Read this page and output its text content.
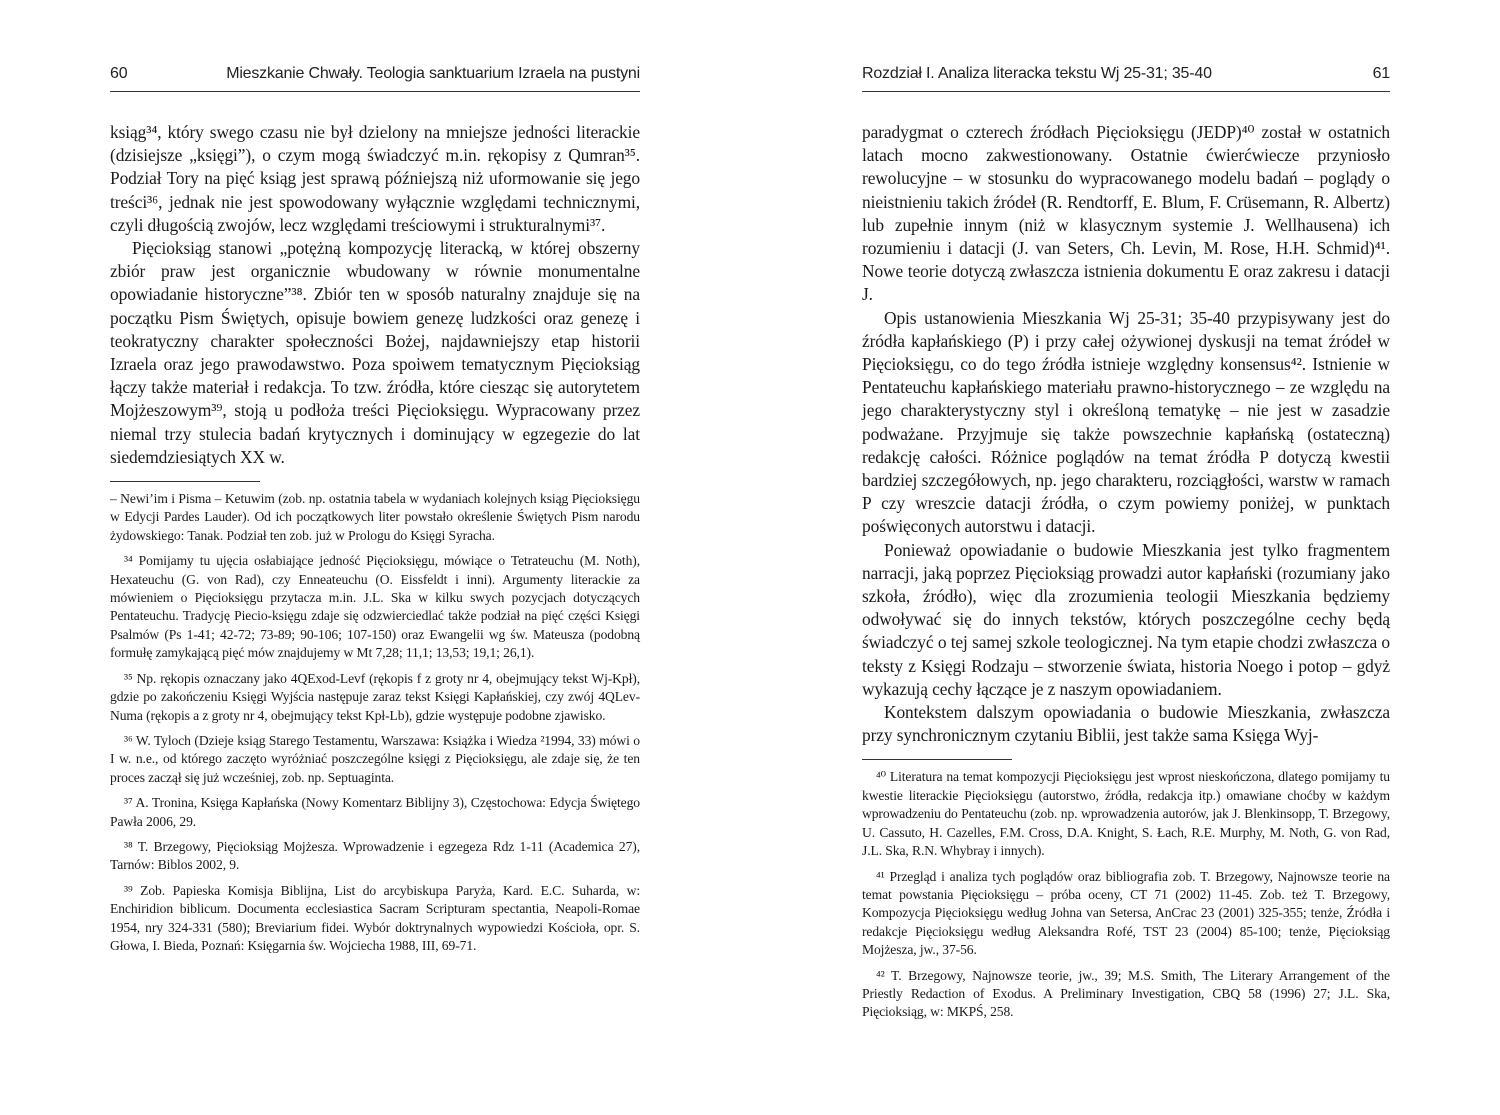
60	Mieszkanie Chwały. Teologia sanktuarium Izraela na pustyni

ksiąg³⁴, który swego czasu nie był dzielony na mniejsze jedności literackie (dzisiejsze „księgi”), o czym mogą świadczyć m.in. rękopisy z Qumran³⁵. Podział Tory na pięć ksiąg jest sprawą późniejszą niż uformowanie się jego treści³⁶, jednak nie jest spowodowany wyłącznie względami technicznymi, czyli długością zwojów, lecz względami treściowymi i strukturalnymi³⁷.

Pięcioksiąg stanowi „potężną kompozycję literacką, w której obszerny zbiór praw jest organicznie wbudowany w równie monumentalne opowiadanie historyczne”³⁸. Zbiór ten w sposób naturalny znajduje się na początku Pism Świętych, opisuje bowiem genezę ludzkości oraz genezę i teokratyczny charakter społeczności Bożej, najdawniejszy etap historii Izraela oraz jego prawodawstwo. Poza spoiwem tematycznym Pięcioksiąg łączy także materiał i redakcja. To tzw. źródła, które ciesząc się autorytetem Mojżeszowym³⁹, stoją u podłoża treści Pięcioksięgu. Wypracowany przez niemal trzy stulecia badań krytycznych i dominujący w egzegezie do lat siedemdziesiątych XX w.

– Newi’im i Pisma – Ketuwim (zob. np. ostatnia tabela w wydaniach kolejnych ksiąg Pięcioksięgu w Edycji Pardes Lauder). Od ich początkowych liter powstało określenie Świętych Pism narodu żydowskiego: Tanak. Podział ten zob. już w Prologu do Księgi Syracha.

³⁴ Pomijamy tu ujęcia osłabiające jedność Pięcioksięgu, mówiące o Tetrateuchu (M. Noth), Hexateuchu (G. von Rad), czy Enneateuchu (O. Eissfeldt i inni). Argumenty literackie za mówieniem o Pięcioksięgu przytacza m.in. J.L. Ska w kilku swych pozycjach dotyczących Pentateuchu. Tradycję Piecio-księgu zdaje się odzwierciedlać także podział na pięć części Księgi Psalmów (Ps 1-41; 42-72; 73-89; 90-106; 107-150) oraz Ewangelii wg św. Mateusza (podobną formułę zamykającą pięć mów znajdujemy w Mt 7,28; 11,1; 13,53; 19,1; 26,1).

³⁵ Np. rękopis oznaczany jako 4QExod-Levf (rękopis f z groty nr 4, obejmujący tekst Wj-Kpł), gdzie po zakończeniu Księgi Wyjścia następuje zaraz tekst Księgi Kapłańskiej, czy zwój 4QLev-Numa (rękopis a z groty nr 4, obejmujący tekst Kpł-Lb), gdzie występuje podobne zjawisko.

³⁶ W. Tyloch (Dzieje ksiąg Starego Testamentu, Warszawa: Książka i Wiedza ²1994, 33) mówi o I w. n.e., od którego zaczęto wyróżniać poszczególne księgi z Pięcioksięgu, ale zdaje się, że ten proces zaczął się już wcześniej, zob. np. Septuaginta.

³⁷ A. Tronina, Księga Kapłańska (Nowy Komentarz Biblijny 3), Częstochowa: Edycja Świętego Pawła 2006, 29.

³⁸ T. Brzegowy, Pięcioksiąg Mojżesza. Wprowadzenie i egzegeza Rdz 1-11 (Academica 27), Tarnów: Biblos 2002, 9.

³⁹ Zob. Papieska Komisja Biblijna, List do arcybiskupa Paryża, Kard. E.C. Suharda, w: Enchiridion biblicum. Documenta ecclesiastica Sacram Scripturam spectantia, Neapoli-Romae 1954, nry 324-331 (580); Breviarium fidei. Wybór doktrynalnych wypowiedzi Kościoła, opr. S. Głowa, I. Bieda, Poznań: Księgarnia św. Wojciecha 1988, III, 69-71.

Rozdział I. Analiza literacka tekstu Wj 25-31; 35-40	61

paradygmat o czterech źródłach Pięcioksięgu (JEDP)⁴⁰ został w ostatnich latach mocno zakwestionowany. Ostatnie ćwierćwiecze przyniosło rewolucyjne – w stosunku do wypracowanego modelu badań – poglądy o nieistnieniu takich źródeł (R. Rendtorff, E. Blum, F. Crüsemann, R. Albertz) lub zupełnie innym (niż w klasycznym systemie J. Wellhausena) ich rozumieniu i datacji (J. van Seters, Ch. Levin, M. Rose, H.H. Schmid)⁴¹. Nowe teorie dotyczą zwłaszcza istnienia dokumentu E oraz zakresu i datacji J.

Opis ustanowienia Mieszkania Wj 25-31; 35-40 przypisywany jest do źródła kapłańskiego (P) i przy całej ożywionej dyskusji na temat źródeł w Pięcioksięgu, co do tego źródła istnieje względny konsensus⁴². Istnienie w Pentateuchu kapłańskiego materiału prawno-historycznego – ze względu na jego charakterystyczny styl i określoną tematykę – nie jest w zasadzie podważane. Przyjmuje się także powszechnie kapłańską (ostateczną) redakcję całości. Różnice poglądów na temat źródła P dotyczą kwestii bardziej szczegółowych, np. jego charakteru, rozciągłości, warstw w ramach P czy wreszcie datacji źródła, o czym powiemy poniżej, w punktach poświęconych autorstwu i datacji.

Ponieważ opowiadanie o budowie Mieszkania jest tylko fragmentem narracji, jaką poprzez Pięcioksiąg prowadzi autor kapłański (rozumiany jako szkoła, źródło), więc dla zrozumienia teologii Mieszkania będziemy odwoływać się do innych tekstów, których poszczególne cechy będą świadczyć o tej samej szkole teologicznej. Na tym etapie chodzi zwłaszcza o teksty z Księgi Rodzaju – stworzenie świata, historia Noego i potop – gdyż wykazują cechy łączące je z naszym opowiadaniem.

Kontekstem dalszym opowiadania o budowie Mieszkania, zwłaszcza przy synchronicznym czytaniu Biblii, jest także sama Księga Wyj-

⁴⁰ Literatura na temat kompozycji Pięcioksięgu jest wprost nieskończona, dlatego pomijamy tu kwestie literackie Pięcioksięgu (autorstwo, źródła, redakcja itp.) omawiane choćby w każdym wprowadzeniu do Pentateuchu (zob. np. wprowadzenia autorów, jak J. Blenkinsopp, T. Brzegowy, U. Cassuto, H. Cazelles, F.M. Cross, D.A. Knight, S. Łach, R.E. Murphy, M. Noth, G. von Rad, J.L. Ska, R.N. Whybray i innych).

⁴¹ Przegląd i analiza tych poglądów oraz bibliografia zob. T. Brzegowy, Najnowsze teorie na temat powstania Pięcioksięgu – próba oceny, CT 71 (2002) 11-45. Zob. też T. Brzegowy, Kompozycja Pięcioksięgu według Johna van Setersa, AnCrac 23 (2001) 325-355; tenże, Źródła i redakcje Pięcioksięgu według Aleksandra Rofé, TST 23 (2004) 85-100; tenże, Pięcioksiąg Mojżesza, jw., 37-56.

⁴² T. Brzegowy, Najnowsze teorie, jw., 39; M.S. Smith, The Literary Arrangement of the Priestly Redaction of Exodus. A Preliminary Investigation, CBQ 58 (1996) 27; J.L. Ska, Pięcioksiąg, w: MKPŚ, 258.
